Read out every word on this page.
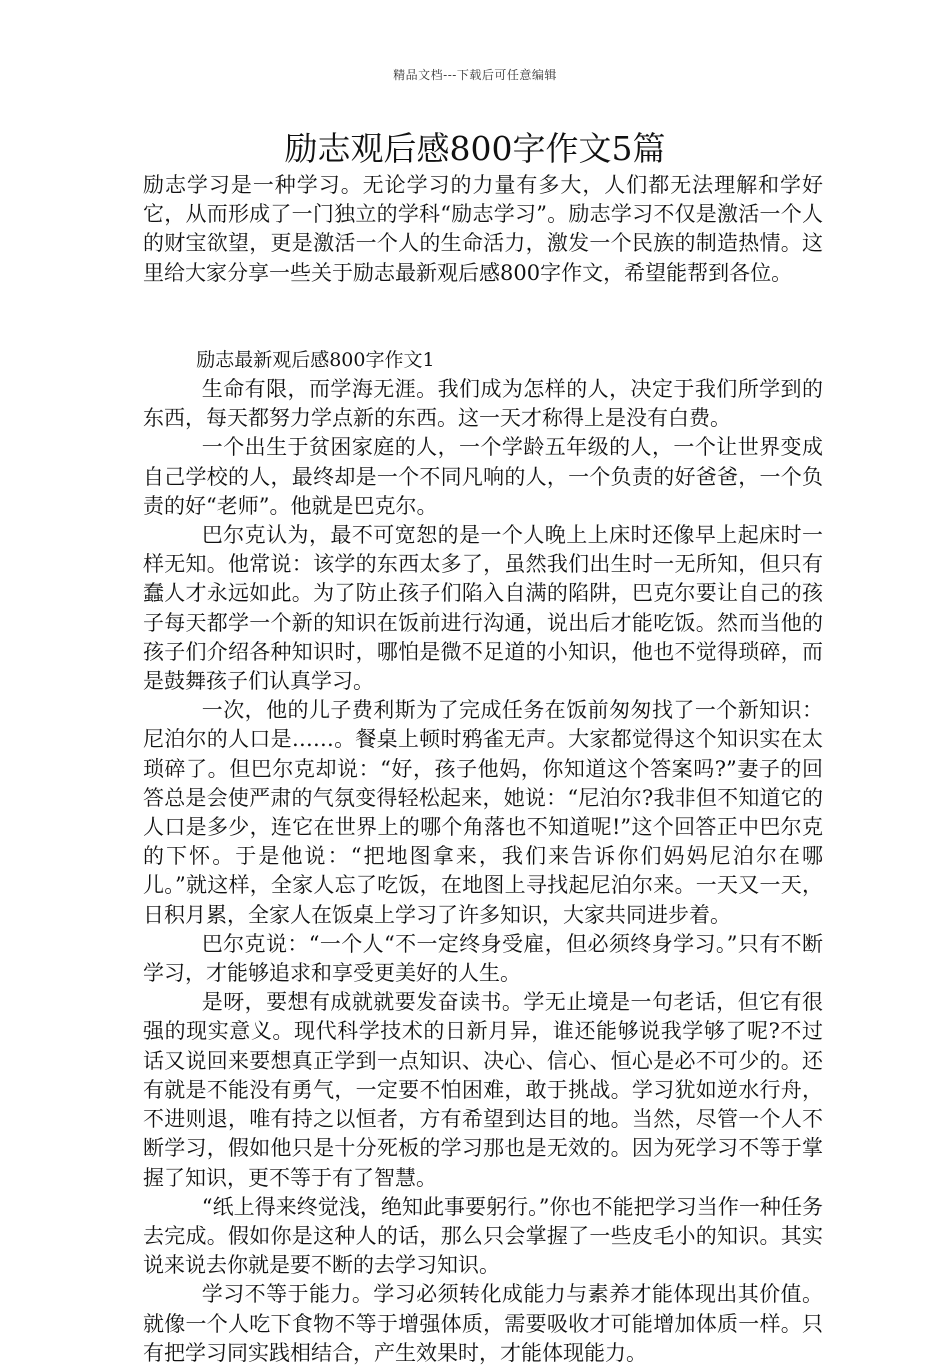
精品文档---下载后可任意编辑
励志观后感800字作文5篇

励志学习是一种学习。无论学习的力量有多大，人们都无法理解和学好它，从而形成了一门独立的学科“励志学习”。励志学习不仅是激活一个人的财宝欲望，更是激活一个人的生命活力，激发一个民族的制造热情。这里给大家分享一些关于励志最新观后感800字作文，希望能帮到各位。

励志最新观后感800字作文1

生命有限，而学海无涯。我们成为怎样的人，决定于我们所学到的东西，每天都努力学点新的东西。这一天才称得上是没有白费。

一个出生于贫困家庭的人，一个学龄五年级的人，一个让世界变成自己学校的人，最终却是一个不同凡响的人，一个负责的好爸爸，一个负责的好“老师”。他就是巴克尔。

巴尔克认为，最不可宽恕的是一个人晚上上床时还像早上起床时一样无知。他常说：该学的东西太多了，虽然我们出生时一无所知，但只有蠢人才永远如此。为了防止孩子们陷入自满的陷阱，巴克尔要让自己的孩子每天都学一个新的知识在饭前进行沟通，说出后才能吃饭。然而当他的孩子们介绍各种知识时，哪怕是微不足道的小知识，他也不觉得琐碎，而是鼓舞孩子们认真学习。

一次，他的儿子费利斯为了完成任务在饭前匆匆找了一个新知识：尼泊尔的人口是……。餐桌上顿时鸦雀无声。大家都觉得这个知识实在太琐碎了。但巴尔克却说：“好，孩子他妈，你知道这个答案吗?”妻子的回答总是会使严肃的气氛变得轻松起来，她说：“尼泊尔?我非但不知道它的人口是多少，连它在世界上的哪个角落也不知道呢!”这个回答正中巴尔克的下怀。于是他说：“把地图拿来，我们来告诉你们妈妈尼泊尔在哪儿。”就这样，全家人忘了吃饭，在地图上寻找起尼泊尔来。一天又一天，日积月累，全家人在饭桌上学习了许多知识，大家共同进步着。

巴尔克说：“一个人“不一定终身受雇，但必须终身学习。”只有不断学习，才能够追求和享受更美好的人生。

是呀，要想有成就就要发奋读书。学无止境是一句老话，但它有很强的现实意义。现代科学技术的日新月异，谁还能够说我学够了呢?不过话又说回来要想真正学到一点知识、决心、信心、恒心是必不可少的。还有就是不能没有勇气，一定要不怕困难，敢于挑战。学习犹如逆水行舟，不进则退，唯有持之以恒者，方有希望到达目的地。当然，尽管一个人不断学习，假如他只是十分死板的学习那也是无效的。因为死学习不等于掌握了知识，更不等于有了智慧。

“纸上得来终觉浅，绝知此事要躬行。”你也不能把学习当作一种任务去完成。假如你是这种人的话，那么只会掌握了一些皮毛小的知识。其实说来说去你就是要不断的去学习知识。

学习不等于能力。学习必须转化成能力与素养才能体现出其价值。就像一个人吃下食物不等于增强体质，需要吸收才可能增加体质一样。只有把学习同实践相结合，产生效果时，才能体现能力。
